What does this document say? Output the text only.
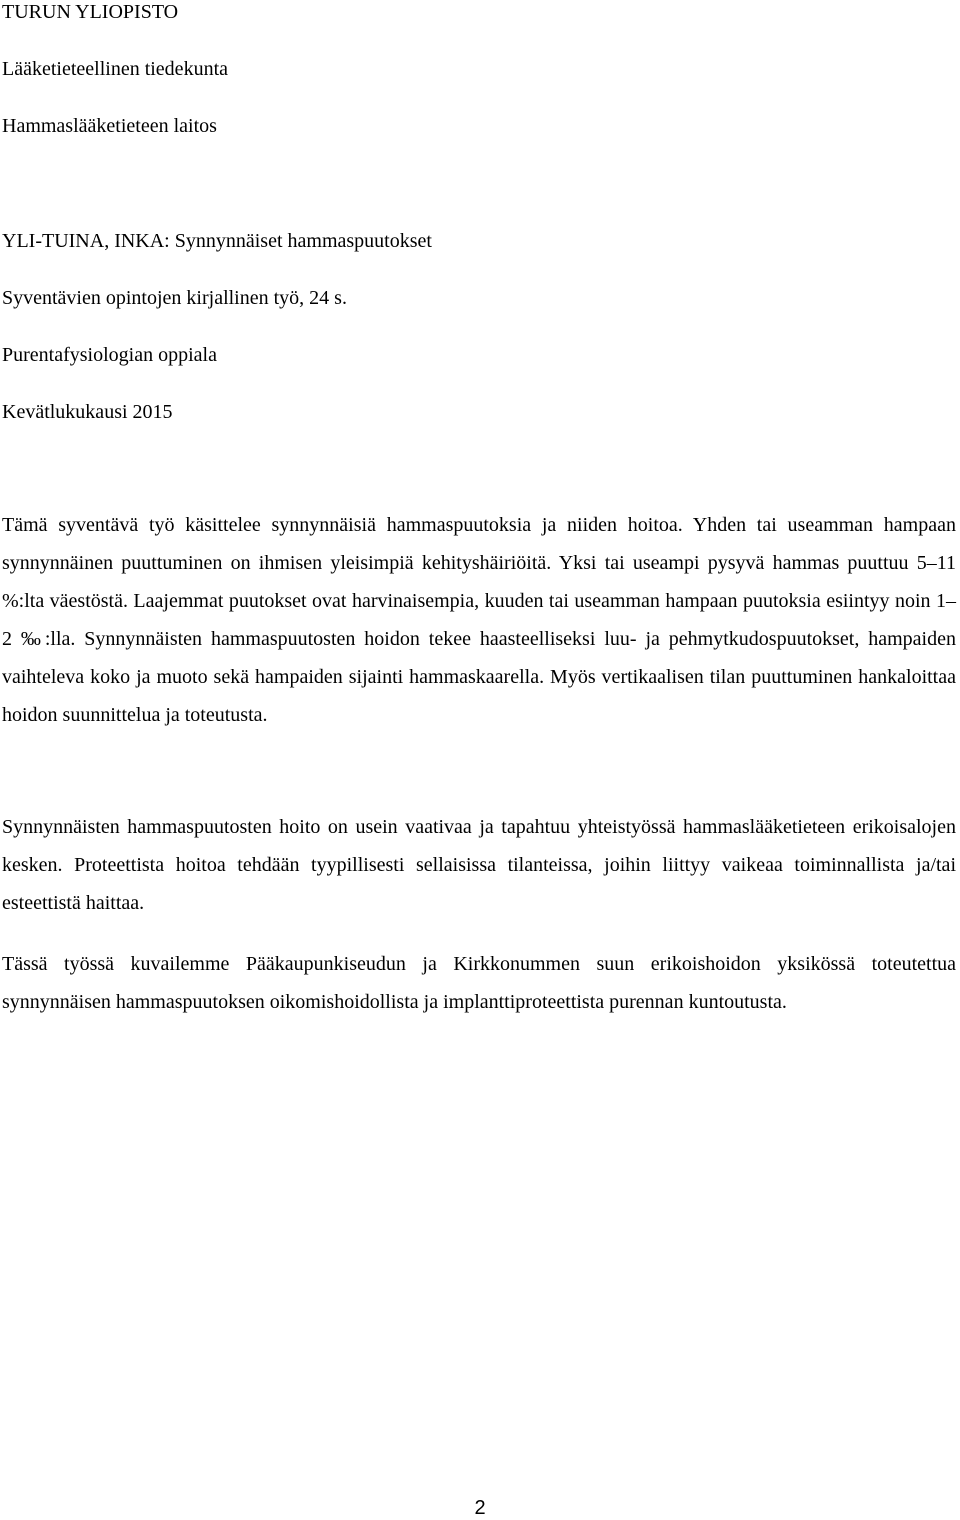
TURUN YLIOPISTO

Lääketieteellinen tiedekunta

Hammaslääketieteen laitos

YLI-TUINA, INKA: Synnynnäiset hammaspuutokset

Syventävien opintojen kirjallinen työ, 24 s.

Purentafysiologian oppiala

Kevätlukukausi 2015

Tämä syventävä työ käsittelee synnynnäisiä hammaspuutoksia ja niiden hoitoa. Yhden tai useamman hampaan synnynnäinen puuttuminen on ihmisen yleisimpiä kehityshäiriöitä. Yksi tai useampi pysyvä hammas puuttuu 5–11 %:lta väestöstä. Laajemmat puutokset ovat harvinaisempia, kuuden tai useamman hampaan puutoksia esiintyy noin 1–2 ‰:lla. Synnynnäisten hammaspuutosten hoidon tekee haasteelliseksi luu- ja pehmytkudospuutokset, hampaiden vaihteleva koko ja muoto sekä hampaiden sijainti hammaskaarella. Myös vertikaalisen tilan puuttuminen hankaloittaa hoidon suunnittelua ja toteutusta.

Synnynnäisten hammaspuutosten hoito on usein vaativaa ja tapahtuu yhteistyössä hammaslääketieteen erikoisalojen kesken. Proteettista hoitoa tehdään tyypillisesti sellaisissa tilanteissa, joihin liittyy vaikeaa toiminnallista ja/tai esteettistä haittaa.

Tässä työssä kuvailemme Pääkaupunkiseudun ja Kirkkonummen suun erikoishoidon yksikössä toteutettua synnynnäisen hammaspuutoksen oikomishoidollista ja implanttiproteettista purennan kuntoutusta.

2
